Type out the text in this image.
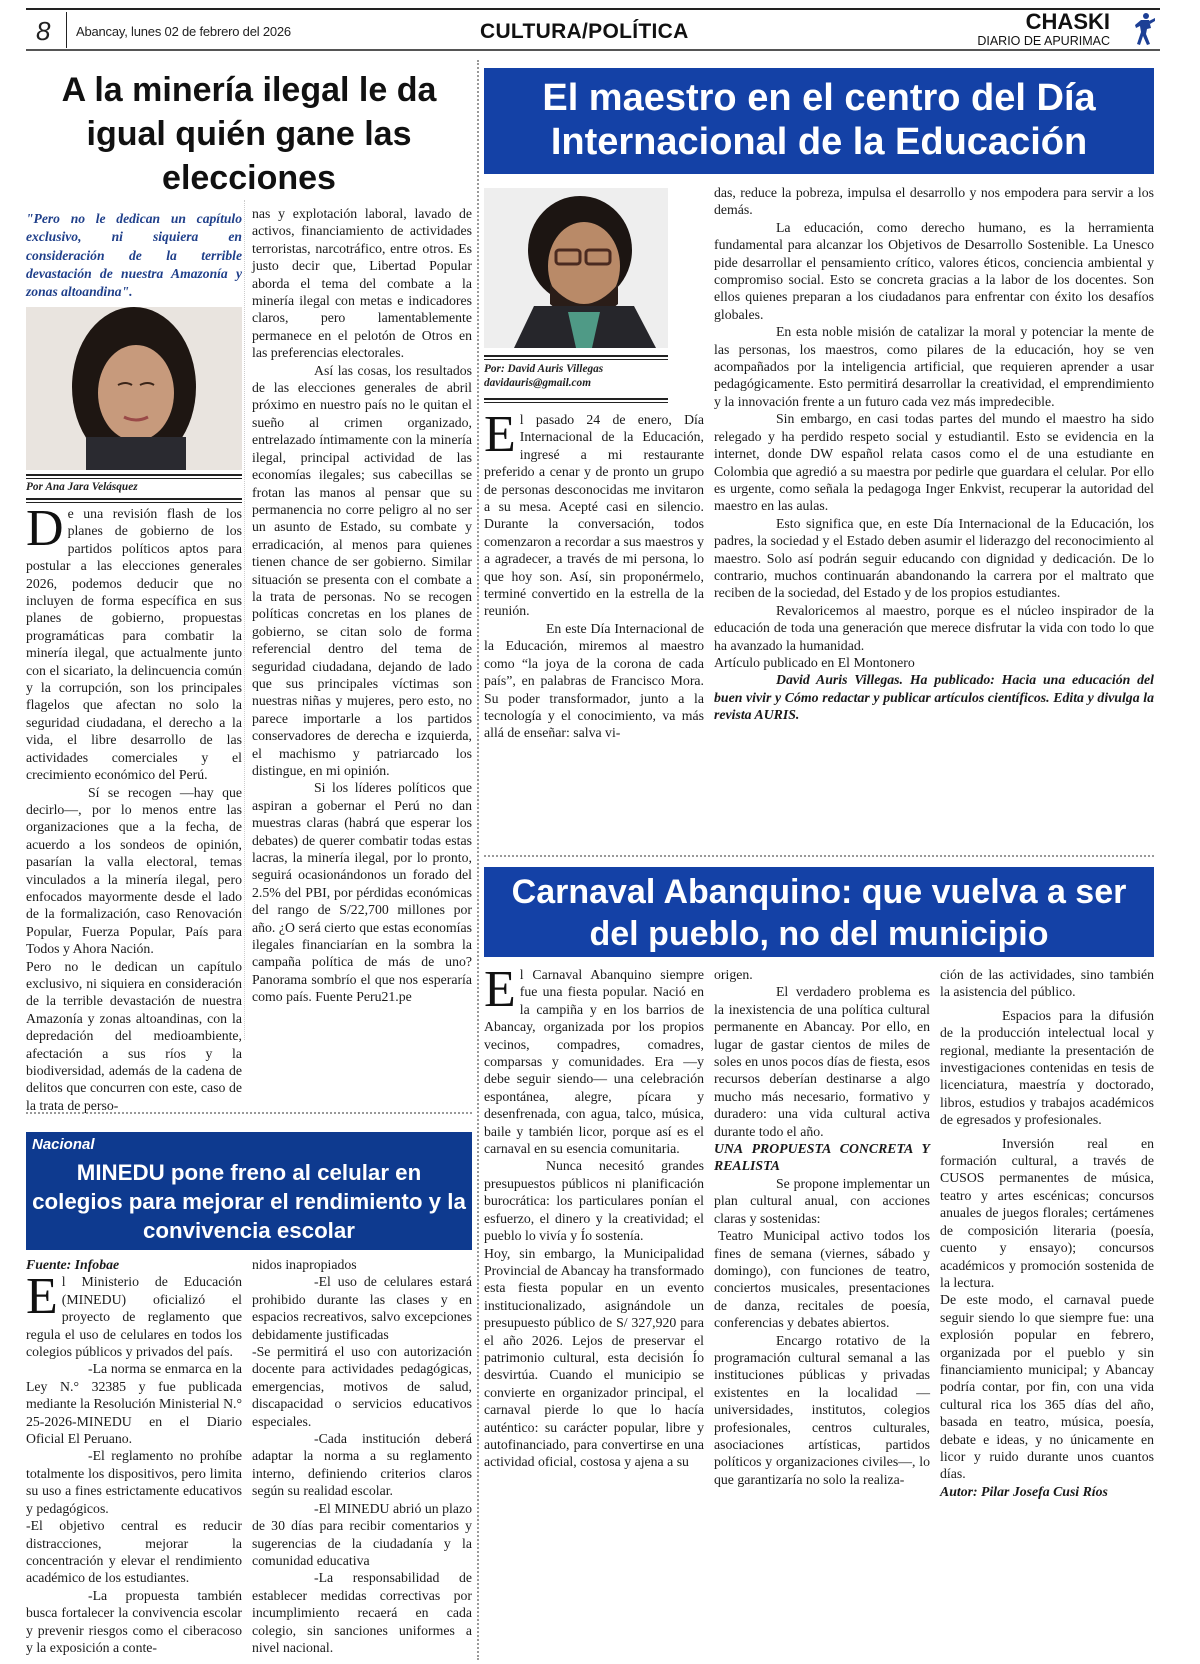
8 Abancay, lunes 02 de febrero del 2026	CULTURA/POLÍTICA	CHASKI
DIARIO DE APURIMAC
A la minería ilegal le da igual quién gane las elecciones
"Pero no le dedican un capítulo exclusivo, ni siquiera en consideración de la terrible devastación de nuestra Amazonía y zonas altoandina".
Por Ana Jara Velásquez

De una revisión flash de los planes de gobierno de los partidos políticos aptos para postular a las elecciones generales 2026, podemos deducir que no incluyen de forma específica en sus planes de gobierno, propuestas programáticas para combatir la minería ilegal, que actualmente junto con el sicariato, la delincuencia común y la corrupción, son los principales flagelos que afectan no solo la seguridad ciudadana, el derecho a la vida, el libre desarrollo de las actividades comerciales y el crecimiento económico del Perú.

Sí se recogen —hay que decirlo—, por lo menos entre las organizaciones que a la fecha, de acuerdo a los sondeos de opinión, pasarían la valla electoral, temas vinculados a la minería ilegal, pero enfocados mayormente desde el lado de la formalización, caso Renovación Popular, Fuerza Popular, País para Todos y Ahora Nación.

Pero no le dedican un capítulo exclusivo, ni siquiera en consideración de la terrible devastación de nuestra Amazonía y zonas altoandinas, con la depredación del medioambiente, afectación a sus ríos y la biodiversidad, además de la cadena de delitos que concurren con este, caso de la trata de perso-

nas y explotación laboral, lavado de activos, financiamiento de actividades terroristas, narcotráfico, entre otros. Es justo decir que, Libertad Popular aborda el tema del combate a la minería ilegal con metas e indicadores claros, pero lamentablemente permanece en el pelotón de Otros en las preferencias electorales.

Así las cosas, los resultados de las elecciones generales de abril próximo en nuestro país no le quitan el sueño al crimen organizado, entrelazado íntimamente con la minería ilegal, principal actividad de las economías ilegales; sus cabecillas se frotan las manos al pensar que su permanencia no corre peligro al no ser un asunto de Estado, su combate y erradicación, al menos para quienes tienen chance de ser gobierno. Similar situación se presenta con el combate a la trata de personas. No se recogen políticas concretas en los planes de gobierno, se citan solo de forma referencial dentro del tema de seguridad ciudadana, dejando de lado que sus principales víctimas son nuestras niñas y mujeres, pero esto, no parece importarle a los partidos conservadores de derecha e izquierda, el machismo y patriarcado los distingue, en mi opinión.

Si los líderes políticos que aspiran a gobernar el Perú no dan muestras claras (habrá que esperar los debates) de querer combatir todas estas lacras, la minería ilegal, por lo pronto, seguirá ocasionándonos un forado del 2.5% del PBI, por pérdidas económicas del rango de S/22,700 millones por año. ¿O será cierto que estas economías ilegales financiarían en la sombra la campaña política de más de uno? Panorama sombrío el que nos esperaría como país. Fuente Peru21.pe

Nacional
MINEDU pone freno al celular en colegios para mejorar el rendimiento y la convivencia escolar

Fuente: Infobae

El Ministerio de Educación (MINEDU) oficializó el proyecto de reglamento que regula el uso de celulares en todos los colegios públicos y privados del país.

-La norma se enmarca en la Ley N.° 32385 y fue publicada mediante la Resolución Ministerial N.° 25-2026-MINEDU en el Diario Oficial El Peruano.

-El reglamento no prohíbe totalmente los dispositivos, pero limita su uso a fines estrictamente educativos y pedagógicos.

-El objetivo central es reducir distracciones, mejorar la concentración y elevar el rendimiento académico de los estudiantes.

-La propuesta también busca fortalecer la convivencia escolar y prevenir riesgos como el ciberacoso y la exposición a conte-

nidos inapropiados

-El uso de celulares estará prohibido durante las clases y en espacios recreativos, salvo excepciones debidamente justificadas

-Se permitirá el uso con autorización docente para actividades pedagógicas, emergencias, motivos de salud, discapacidad o servicios educativos especiales.

-Cada institución deberá adaptar la norma a su reglamento interno, definiendo criterios claros según su realidad escolar.

-El MINEDU abrió un plazo de 30 días para recibir comentarios y sugerencias de la ciudadanía y la comunidad educativa

-La responsabilidad de establecer medidas correctivas por incumplimiento recaerá en cada colegio, sin sanciones uniformes a nivel nacional.

El maestro en el centro del Día Internacional de la Educación
Por: David Auris Villegas
davidauris@gmail.com

El pasado 24 de enero, Día Internacional de la Educación, ingresé a mi restaurante preferido a cenar y de pronto un grupo de personas desconocidas me invitaron a su mesa. Acepté casi en silencio. Durante la conversación, todos comenzaron a recordar a sus maestros y a agradecer, a través de mi persona, lo que hoy son. Así, sin proponérmelo, terminé convertido en la estrella de la reunión.

En este Día Internacional de la Educación, miremos al maestro como “la joya de la corona de cada país”, en palabras de Francisco Mora. Su poder transformador, junto a la tecnología y el conocimiento, va más allá de enseñar: salva vi-

das, reduce la pobreza, impulsa el desarrollo y nos empodera para servir a los demás.

La educación, como derecho humano, es la herramienta fundamental para alcanzar los Objetivos de Desarrollo Sostenible. La Unesco pide desarrollar el pensamiento crítico, valores éticos, conciencia ambiental y compromiso social. Esto se concreta gracias a la labor de los docentes. Son ellos quienes preparan a los ciudadanos para enfrentar con éxito los desafíos globales.

En esta noble misión de catalizar la moral y potenciar la mente de las personas, los maestros, como pilares de la educación, hoy se ven acompañados por la inteligencia artificial, que requieren aprender a usar pedagógicamente. Esto permitirá desarrollar la creatividad, el emprendimiento y la innovación frente a un futuro cada vez más impredecible.

Sin embargo, en casi todas partes del mundo el maestro ha sido relegado y ha perdido respeto social y estudiantil. Esto se evidencia en la internet, donde DW español relata casos como el de una estudiante en Colombia que agredió a su maestra por pedirle que guardara el celular. Por ello es urgente, como señala la pedagoga Inger Enkvist, recuperar la autoridad del maestro en las aulas.

Esto significa que, en este Día Internacional de la Educación, los padres, la sociedad y el Estado deben asumir el liderazgo del reconocimiento al maestro. Solo así podrán seguir educando con dignidad y dedicación. De lo contrario, muchos continuarán abandonando la carrera por el maltrato que reciben de la sociedad, del Estado y de los propios estudiantes.

Revaloricemos al maestro, porque es el núcleo inspirador de la educación de toda una generación que merece disfrutar la vida con todo lo que ha avanzado la humanidad.

Artículo publicado en El Montonero

David Auris Villegas. Ha publicado: Hacia una educación del buen vivir y Cómo redactar y publicar artículos científicos. Edita y divulga la revista AURIS.

Carnaval Abanquino: que vuelva a ser del pueblo, no del municipio

El Carnaval Abanquino siempre fue una fiesta popular. Nació en la campiña y en los barrios de Abancay, organizada por los propios vecinos, compadres, comadres, comparsas y comunidades. Era —y debe seguir siendo— una celebración espontánea, alegre, pícara y desenfrenada, con agua, talco, música, baile y también licor, porque así es el carnaval en su esencia comunitaria.

Nunca necesitó grandes presupuestos públicos ni planificación burocrática: los particulares ponían el esfuerzo, el dinero y la creatividad; el pueblo lo vivía y Ío sostenía.

Hoy, sin embargo, la Municipalidad Provincial de Abancay ha transformado esta fiesta popular en un evento institucionalizado, asignándole un presupuesto público de S/ 327,920 para el año 2026. Lejos de preservar el patrimonio cultural, esta decisión Ío desvirtúa. Cuando el municipio se convierte en organizador principal, el carnaval pierde lo que lo hacía auténtico: su carácter popular, libre y autofinanciado, para convertirse en una actividad oficial, costosa y ajena a su

origen.

El verdadero problema es la inexistencia de una política cultural permanente en Abancay. Por ello, en lugar de gastar cientos de miles de soles en unos pocos días de fiesta, esos recursos deberían destinarse a algo mucho más necesario, formativo y duradero: una vida cultural activa durante todo el año.

UNA PROPUESTA CONCRETA Y REALISTA

Se propone implementar un plan cultural anual, con acciones claras y sostenidas:

Teatro Municipal activo todos los fines de semana (viernes, sábado y domingo), con funciones de teatro, conciertos musicales, presentaciones de danza, recitales de poesía, conferencias y debates abiertos.

Encargo rotativo de la programación cultural semanal a las instituciones públicas y privadas existentes en la localidad — universidades, institutos, colegios profesionales, centros culturales, asociaciones artísticas, partidos políticos y organizaciones civiles—, lo que garantizaría no solo la realiza-

ción de las actividades, sino también la asistencia del público.

Espacios para la difusión de la producción intelectual local y regional, mediante la presentación de investigaciones contenidas en tesis de licenciatura, maestría y doctorado, libros, estudios y trabajos académicos de egresados y profesionales.

Inversión real en formación cultural, a través de CUSOS permanentes de música, teatro y artes escénicas; concursos anuales de juegos florales; certámenes de composición literaria (poesía, cuento y ensayo); concursos académicos y promoción sostenida de la lectura.

De este modo, el carnaval puede seguir siendo lo que siempre fue: una explosión popular en febrero, organizada por el pueblo y sin financiamiento municipal; y Abancay podría contar, por fin, con una vida cultural rica los 365 días del año, basada en teatro, música, poesía, debate e ideas, y no únicamente en licor y ruido durante unos cuantos días.

Autor: Pilar Josefa Cusi Ríos
